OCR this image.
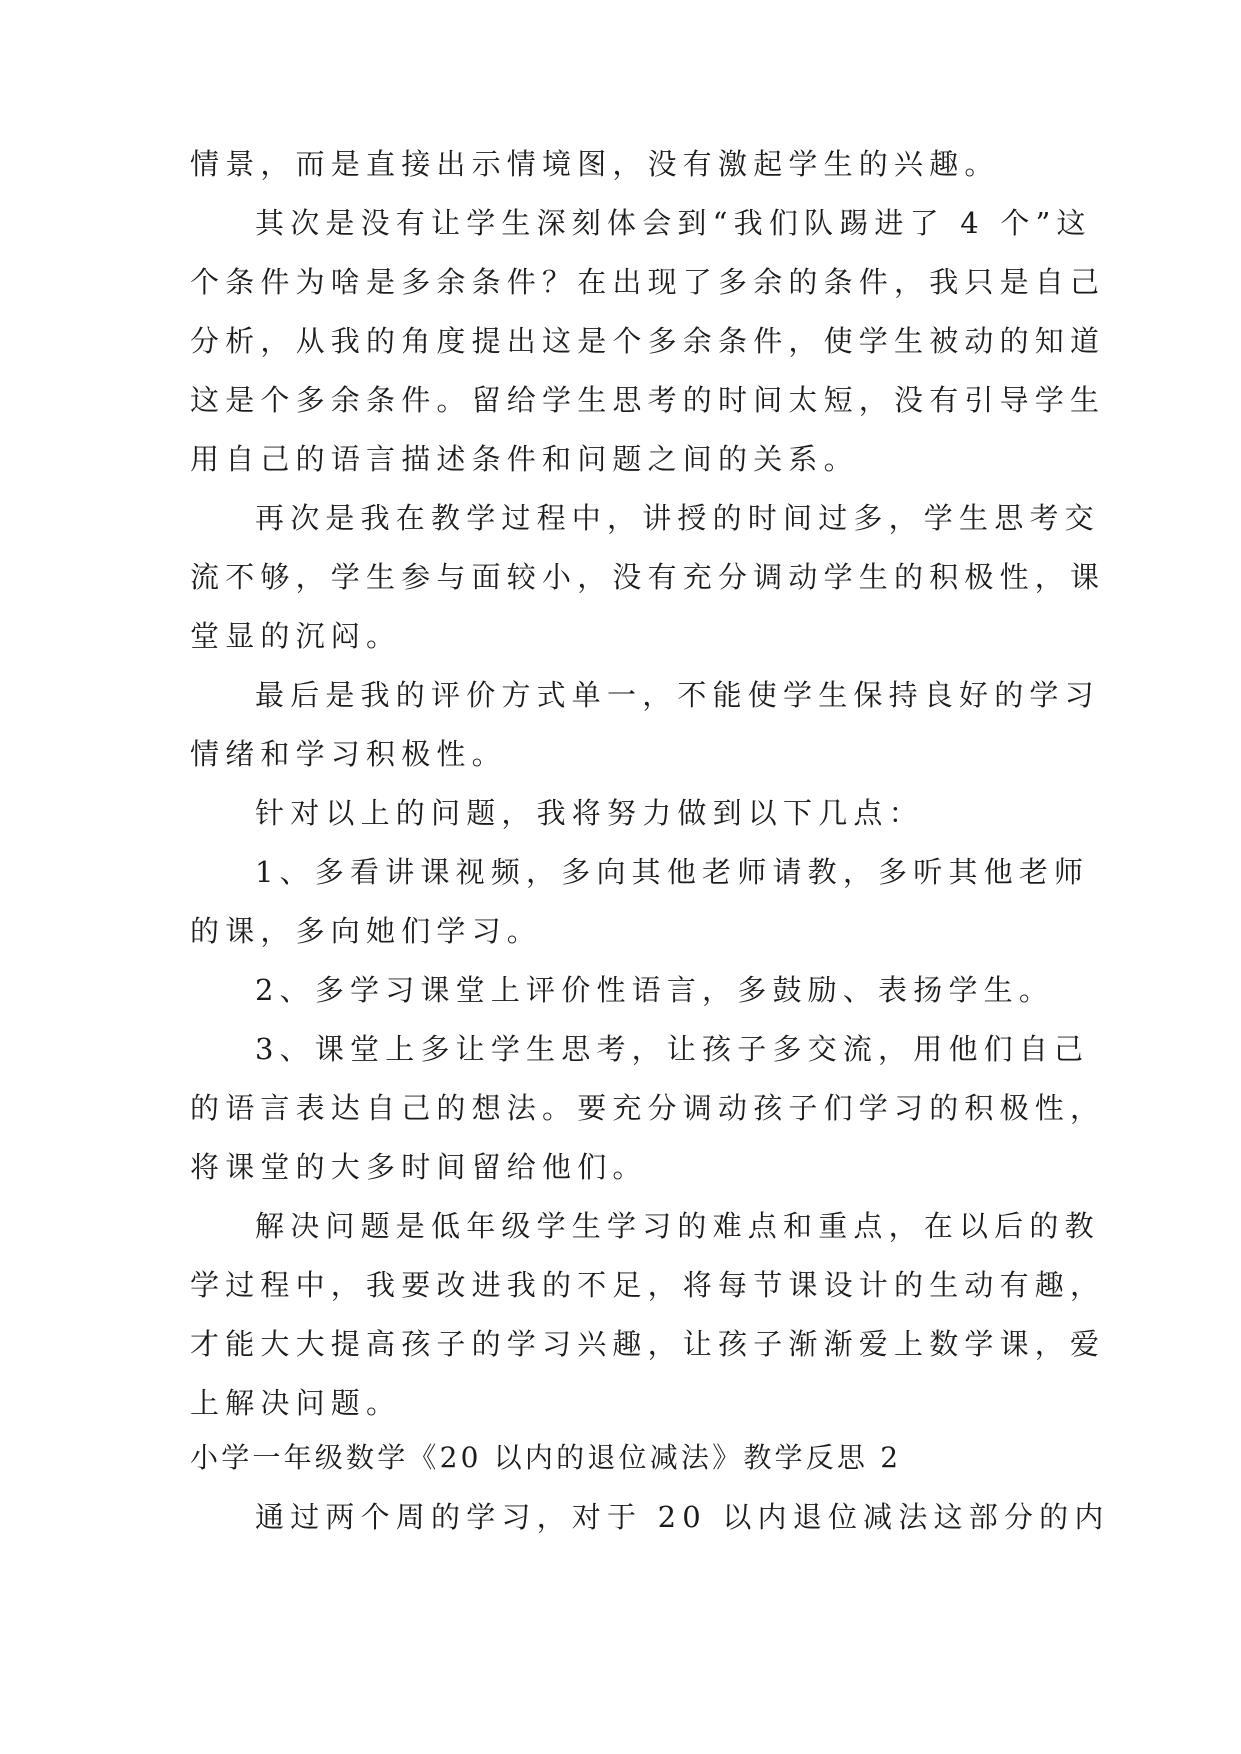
情景，而是直接出示情境图，没有激起学生的兴趣。
其次是没有让学生深刻体会到“我们队踢进了 4 个”这
个条件为啥是多余条件？在出现了多余的条件，我只是自己
分析，从我的角度提出这是个多余条件，使学生被动的知道
这是个多余条件。留给学生思考的时间太短，没有引导学生
用自己的语言描述条件和问题之间的关系。
再次是我在教学过程中，讲授的时间过多，学生思考交
流不够，学生参与面较小，没有充分调动学生的积极性，课
堂显的沉闷。
最后是我的评价方式单一，不能使学生保持良好的学习
情绪和学习积极性。
针对以上的问题，我将努力做到以下几点：
1、多看讲课视频，多向其他老师请教，多听其他老师
的课，多向她们学习。
2、多学习课堂上评价性语言，多鼓励、表扬学生。
3、课堂上多让学生思考，让孩子多交流，用他们自己
的语言表达自己的想法。要充分调动孩子们学习的积极性，
将课堂的大多时间留给他们。
解决问题是低年级学生学习的难点和重点，在以后的教
学过程中，我要改进我的不足，将每节课设计的生动有趣，
才能大大提高孩子的学习兴趣，让孩子渐渐爱上数学课，爱
上解决问题。
小学一年级数学《20 以内的退位减法》教学反思 2
通过两个周的学习，对于 20 以内退位减法这部分的内
